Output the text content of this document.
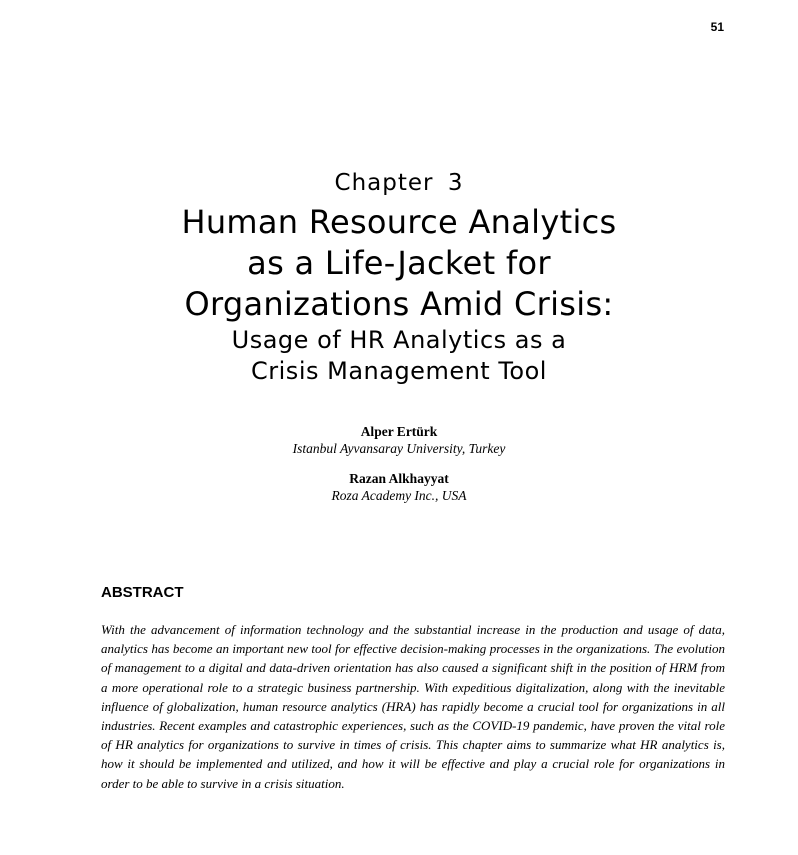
51
Chapter 3
Human Resource Analytics
as a Life-Jacket for
Organizations Amid Crisis:
Usage of HR Analytics as a
Crisis Management Tool
Alper Ertürk
Istanbul Ayvansaray University, Turkey
Razan Alkhayyat
Roza Academy Inc., USA
ABSTRACT
With the advancement of information technology and the substantial increase in the production and usage of data, analytics has become an important new tool for effective decision-making processes in the organizations. The evolution of management to a digital and data-driven orientation has also caused a significant shift in the position of HRM from a more operational role to a strategic business partnership. With expeditious digitalization, along with the inevitable influence of globalization, human resource analytics (HRA) has rapidly become a crucial tool for organizations in all industries. Recent examples and catastrophic experiences, such as the COVID-19 pandemic, have proven the vital role of HR analytics for organizations to survive in times of crisis. This chapter aims to summarize what HR analytics is, how it should be implemented and utilized, and how it will be effective and play a crucial role for organizations in order to be able to survive in a crisis situation.
